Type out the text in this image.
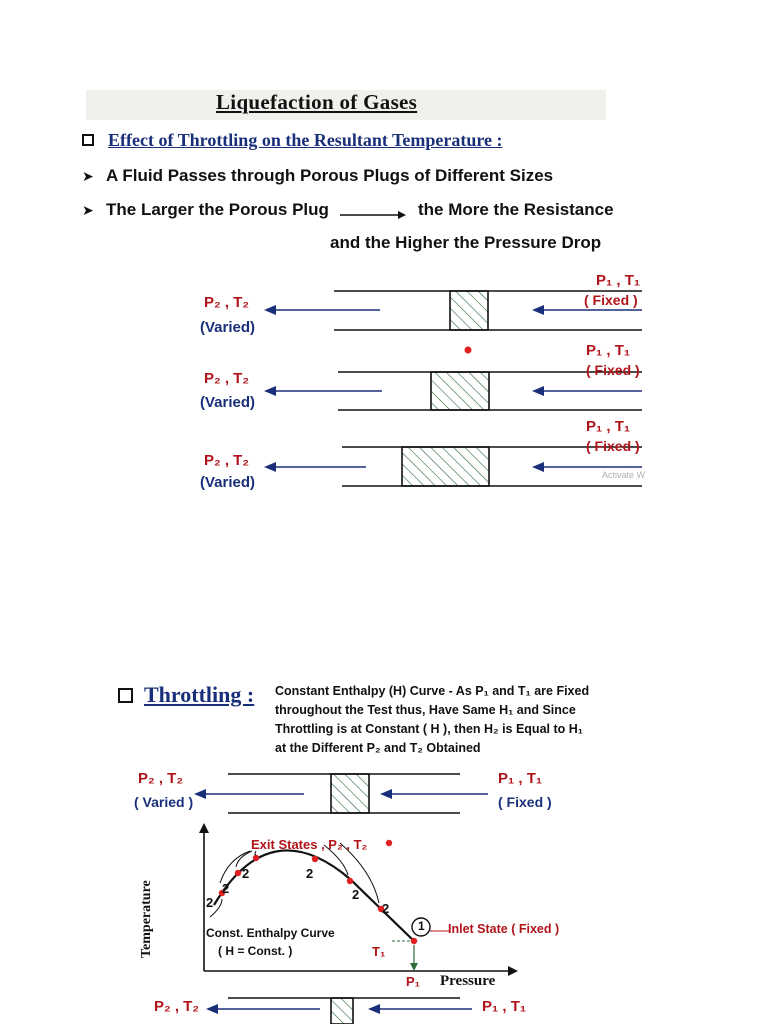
Liquefaction of Gases
Effect of Throttling on the Resultant Temperature :
➤ A Fluid Passes through Porous Plugs of Different Sizes
➤ The Larger the Porous Plug	the More the Resistance
and the Higher the Pressure Drop
P₂ , T₂
(Varied)
P₁ , T₁
( Fixed )
P₂ , T₂
(Varied)
P₁ , T₁
( Fixed )
P₂ , T₂
(Varied)
P₁ , T₁
( Fixed )
Activate W
Throttling : Constant Enthalpy (H) Curve - As P₁ and T₁ are Fixed
throughout the Test thus, Have Same H₁ and Since
Throttling is at Constant ( H ), then H₂ is Equal to H₁
at the Different P₂ and T₂ Obtained
P₂ , T₂
( Varied )
P₁ , T₁
( Fixed )
Temperature
Pressure
Exit States , P₂ , T₂
2
2
2	2
2
2
1
Const. Enthalpy Curve
( H = Const. )
Inlet State ( Fixed )
T₁
P₁
P₂ , T₂	P₁ , T₁
